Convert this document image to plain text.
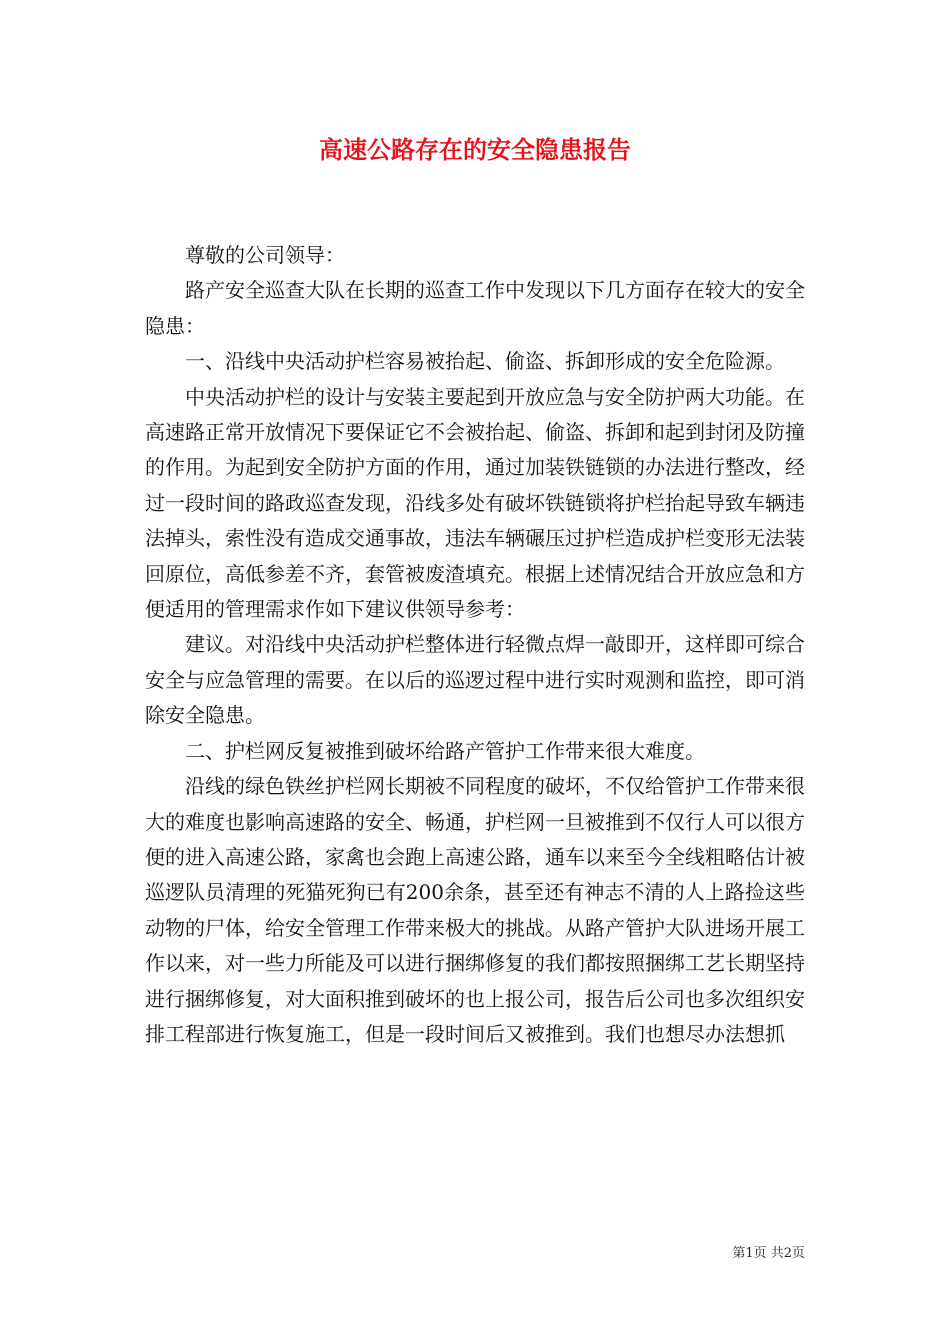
高速公路存在的安全隐患报告

尊敬的公司领导：

路产安全巡查大队在长期的巡查工作中发现以下几方面存在较大的安全隐患：

一、沿线中央活动护栏容易被抬起、偷盗、拆卸形成的安全危险源。

中央活动护栏的设计与安装主要起到开放应急与安全防护两大功能。在高速路正常开放情况下要保证它不会被抬起、偷盗、拆卸和起到封闭及防撞的作用。为起到安全防护方面的作用，通过加装铁链锁的办法进行整改，经过一段时间的路政巡查发现，沿线多处有破坏铁链锁将护栏抬起导致车辆违法掉头，索性没有造成交通事故，违法车辆碾压过护栏造成护栏变形无法装回原位，高低参差不齐，套管被废渣填充。根据上述情况结合开放应急和方便适用的管理需求作如下建议供领导参考：

建议。对沿线中央活动护栏整体进行轻微点焊一敲即开，这样即可综合安全与应急管理的需要。在以后的巡逻过程中进行实时观测和监控，即可消除安全隐患。

二、护栏网反复被推到破坏给路产管护工作带来很大难度。

沿线的绿色铁丝护栏网长期被不同程度的破坏，不仅给管护工作带来很大的难度也影响高速路的安全、畅通，护栏网一旦被推到不仅行人可以很方便的进入高速公路，家禽也会跑上高速公路，通车以来至今全线粗略估计被巡逻队员清理的死猫死狗已有200余条，甚至还有神志不清的人上路捡这些动物的尸体，给安全管理工作带来极大的挑战。从路产管护大队进场开展工作以来，对一些力所能及可以进行捆绑修复的我们都按照捆绑工艺长期坚持进行捆绑修复，对大面积推到破坏的也上报公司，报告后公司也多次组织安排工程部进行恢复施工，但是一段时间后又被推到。我们也想尽办法想抓

第1页 共2页
